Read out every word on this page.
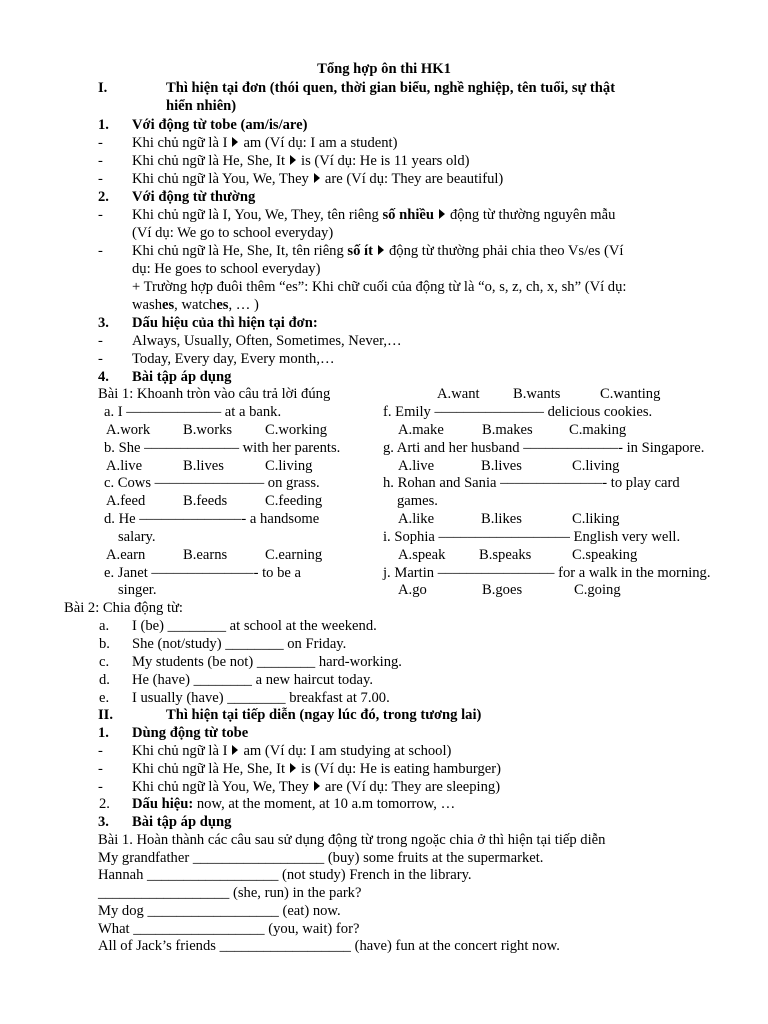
Tổng hợp ôn thi HK1
I.	Thì hiện tại đơn (thói quen, thời gian biểu, nghề nghiệp, tên tuổi, sự thật
hiển nhiên)
1. Với động từ tobe (am/is/are)
- Khi chủ ngữ là I am (Ví dụ: I am a student)
- Khi chủ ngữ là He, She, It is (Ví dụ: He is 11 years old)
- Khi chủ ngữ là You, We, They are (Ví dụ: They are beautiful)
2. Với động từ thường
- Khi chủ ngữ là I, You, We, They, tên riêng số nhiều động từ thường nguyên mẫu
(Ví dụ: We go to school everyday)
- Khi chủ ngữ là He, She, It, tên riêng số ít động từ thường phải chia theo Vs/es (Ví
dụ: He goes to school everyday)
+ Trường hợp đuôi thêm “es”: Khi chữ cuối của động từ là “o, s, z, ch, x, sh” (Ví dụ:
washes, watches, … )
3. Dấu hiệu của thì hiện tại đơn:
- Always, Usually, Often, Sometimes, Never,…
- Today, Every day, Every month,…
4. Bài tập áp dụng
Bài 1: Khoanh tròn vào câu trả lời đúng	A.want B.wants	C.wanting
a. I ––––––––––––– at a bank.
A.work B.works C.working
b. She ––––––––––––– with her parents.
A.live	B.lives	C.living
c. Cows ––––––––––––––– on grass.
A.feed	B.feeds	C.feeding
d. He ––––––––––––––- a handsome
salary.
A.earn	B.earns	C.earning
e. Janet ––––––––––––––- to be a
singer.
f. Emily ––––––––––––––– delicious cookies.
A.make	B.makes C.making
g. Arti and her husband –––––––––––––- in Singapore.
A.live	B.lives	C.living
h. Rohan and Sania ––––––––––––––- to play card
games.
A.like	B.likes	C.liking
i. Sophia –––––––––––––––––– English very well.
A.speak B.speaks	C.speaking
j. Martin –––––––––––––––– for a walk in the morning.
A.go	B.goes	C.going
Bài 2: Chia động từ:
a. I (be) ________ at school at the weekend.
b. She (not/study) ________ on Friday.
c. My students (be not) ________ hard-working.
d. He (have) ________ a new haircut today.
e. I usually (have) ________ breakfast at 7.00.
II.	Thì hiện tại tiếp diễn (ngay lúc đó, trong tương lai)
1. Dùng động từ tobe
- Khi chủ ngữ là I am (Ví dụ: I am studying at school)
- Khi chủ ngữ là He, She, It is (Ví dụ: He is eating hamburger)
- Khi chủ ngữ là You, We, They are (Ví dụ: They are sleeping)
2. Dấu hiệu: now, at the moment, at 10 a.m tomorrow, …
3. Bài tập áp dụng
Bài 1. Hoàn thành các câu sau sử dụng động từ trong ngoặc chia ở thì hiện tại tiếp diễn
My grandfather __________________ (buy) some fruits at the supermarket.
Hannah __________________ (not study) French in the library.
__________________ (she, run) in the park?
My dog __________________ (eat) now.
What __________________ (you, wait) for?
All of Jack’s friends __________________ (have) fun at the concert right now.
